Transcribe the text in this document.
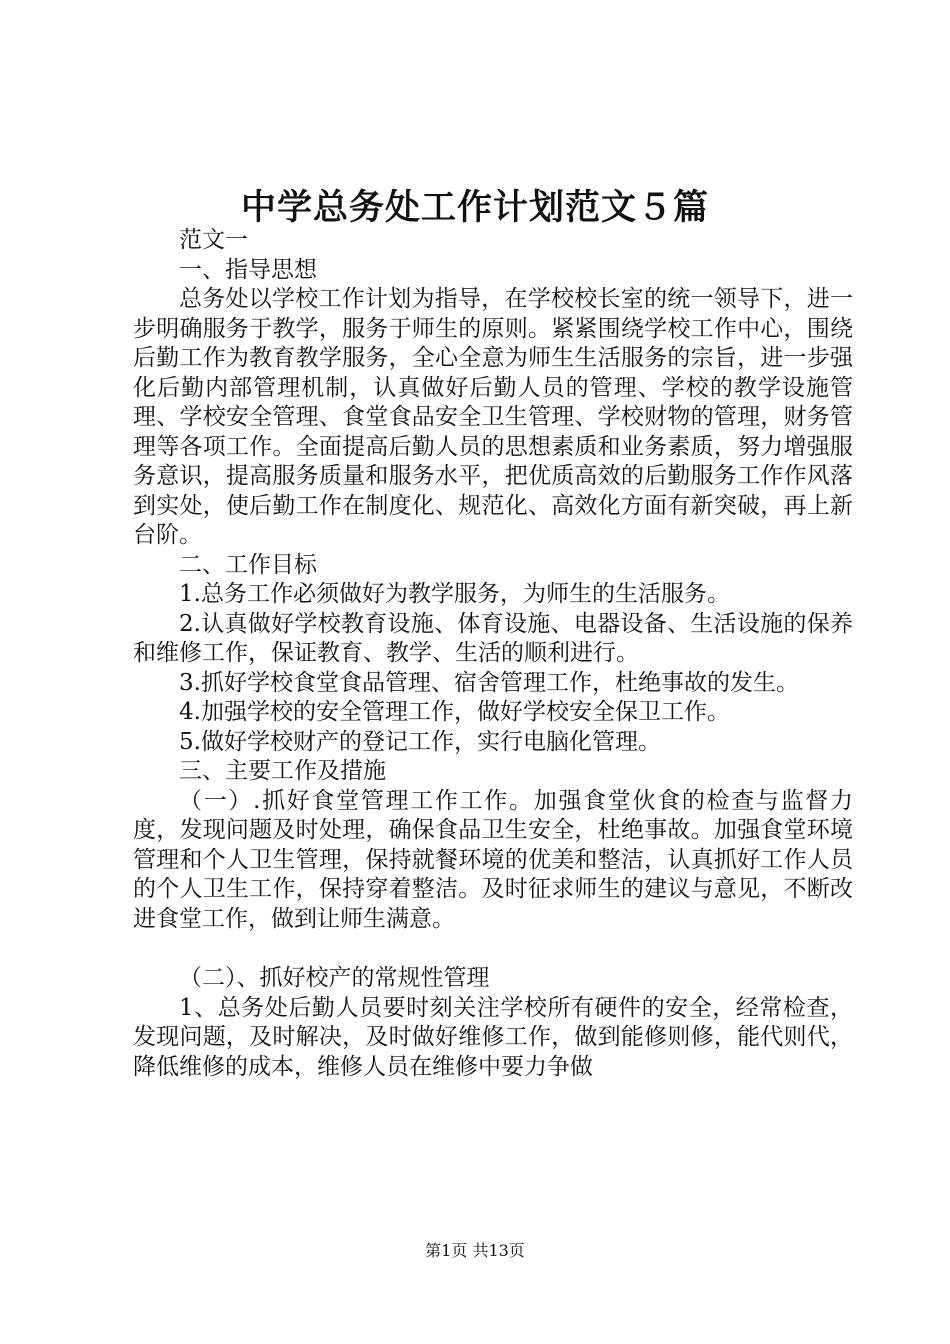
中学总务处工作计划范文５篇

范文一

一、指导思想

总务处以学校工作计划为指导，在学校校长室的统一领导下，进一步明确服务于教学，服务于师生的原则。紧紧围绕学校工作中心，围绕后勤工作为教育教学服务，全心全意为师生生活服务的宗旨，进一步强化后勤内部管理机制，认真做好后勤人员的管理、学校的教学设施管理、学校安全管理、食堂食品安全卫生管理、学校财物的管理，财务管理等各项工作。全面提高后勤人员的思想素质和业务素质，努力增强服务意识，提高服务质量和服务水平，把优质高效的后勤服务工作作风落到实处，使后勤工作在制度化、规范化、高效化方面有新突破，再上新台阶。

二、工作目标

1.总务工作必须做好为教学服务，为师生的生活服务。

2.认真做好学校教育设施、体育设施、电器设备、生活设施的保养和维修工作，保证教育、教学、生活的顺利进行。

3.抓好学校食堂食品管理、宿舍管理工作，杜绝事故的发生。

4.加强学校的安全管理工作，做好学校安全保卫工作。

5.做好学校财产的登记工作，实行电脑化管理。

三、主要工作及措施

（一）.抓好食堂管理工作工作。加强食堂伙食的检查与监督力度，发现问题及时处理，确保食品卫生安全，杜绝事故。加强食堂环境管理和个人卫生管理，保持就餐环境的优美和整洁，认真抓好工作人员的个人卫生工作，保持穿着整洁。及时征求师生的建议与意见，不断改进食堂工作，做到让师生满意。

（二）、抓好校产的常规性管理

1、总务处后勤人员要时刻关注学校所有硬件的安全，经常检查，发现问题，及时解决，及时做好维修工作，做到能修则修，能代则代，降低维修的成本，维修人员在维修中要力争做

第1页 共13页
